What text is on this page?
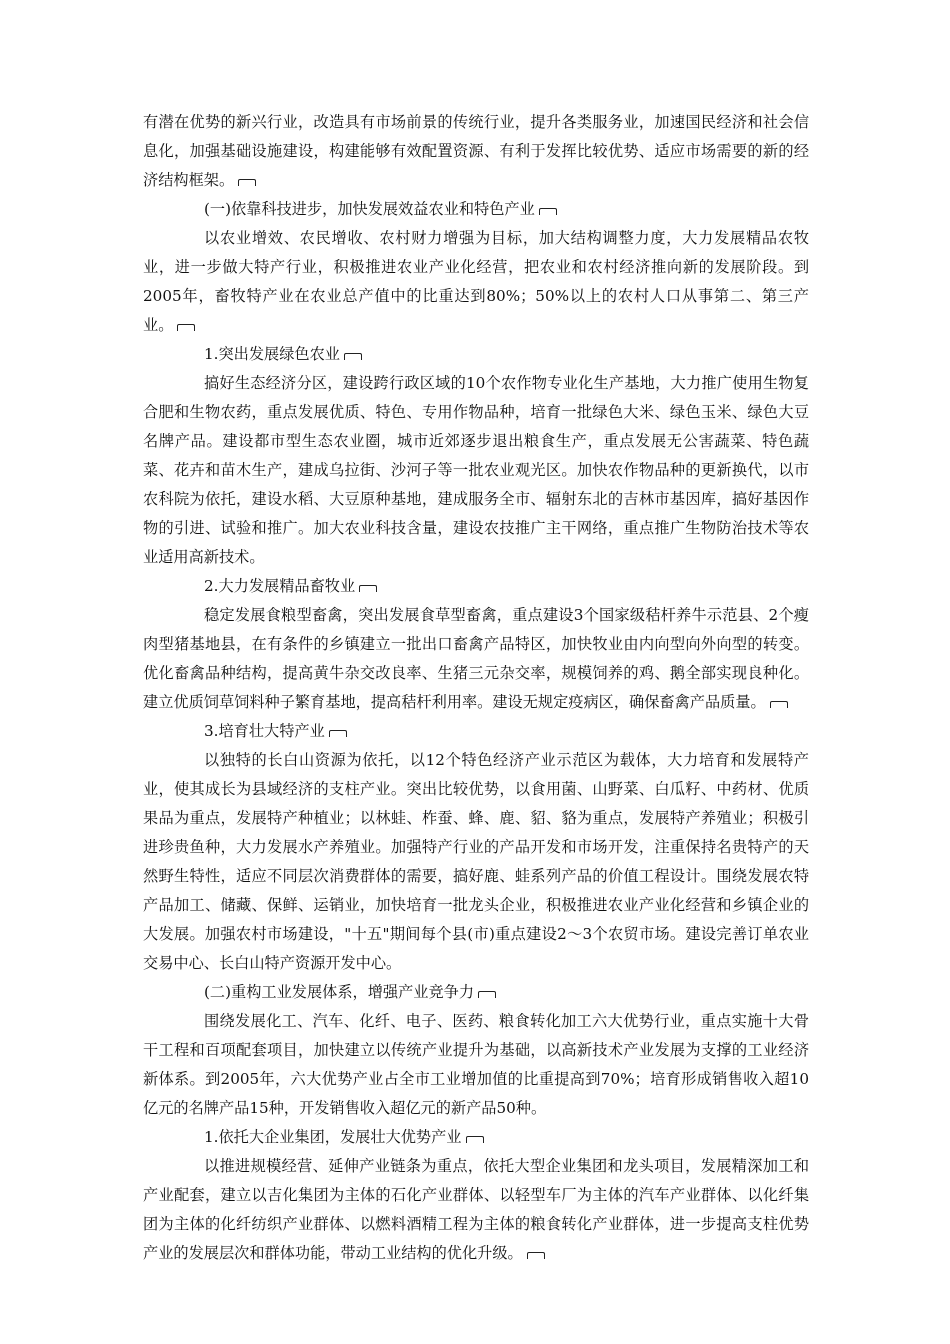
有潜在优势的新兴行业，改造具有市场前景的传统行业，提升各类服务业，加速国民经济和社会信息化，加强基础设施建设，构建能够有效配置资源、有利于发挥比较优势、适应市场需要的新的经济结构框架。

(一)依靠科技进步，加快发展效益农业和特色产业

以农业增效、农民增收、农村财力增强为目标，加大结构调整力度，大力发展精品农牧业，进一步做大特产行业，积极推进农业产业化经营，把农业和农村经济推向新的发展阶段。到2005年，畜牧特产业在农业总产值中的比重达到80%；50%以上的农村人口从事第二、第三产业。

1.突出发展绿色农业

搞好生态经济分区，建设跨行政区域的10个农作物专业化生产基地，大力推广使用生物复合肥和生物农药，重点发展优质、特色、专用作物品种，培育一批绿色大米、绿色玉米、绿色大豆名牌产品。建设都市型生态农业圈，城市近郊逐步退出粮食生产，重点发展无公害蔬菜、特色蔬菜、花卉和苗木生产，建成乌拉街、沙河子等一批农业观光区。加快农作物品种的更新换代，以市农科院为依托，建设水稻、大豆原种基地，建成服务全市、辐射东北的吉林市基因库，搞好基因作物的引进、试验和推广。加大农业科技含量，建设农技推广主干网络，重点推广生物防治技术等农业适用高新技术。

2.大力发展精品畜牧业

稳定发展食粮型畜禽，突出发展食草型畜禽，重点建设3个国家级秸杆养牛示范县、2个瘦肉型猪基地县，在有条件的乡镇建立一批出口畜禽产品特区，加快牧业由内向型向外向型的转变。优化畜禽品种结构，提高黄牛杂交改良率、生猪三元杂交率，规模饲养的鸡、鹅全部实现良种化。建立优质饲草饲料种子繁育基地，提高秸杆利用率。建设无规定疫病区，确保畜禽产品质量。

3.培育壮大特产业

以独特的长白山资源为依托，以12个特色经济产业示范区为载体，大力培育和发展特产业，使其成长为县域经济的支柱产业。突出比较优势，以食用菌、山野菜、白瓜籽、中药材、优质果品为重点，发展特产种植业；以林蛙、柞蚕、蜂、鹿、貂、貉为重点，发展特产养殖业；积极引进珍贵鱼种，大力发展水产养殖业。加强特产行业的产品开发和市场开发，注重保持名贵特产的天然野生特性，适应不同层次消费群体的需要，搞好鹿、蛙系列产品的价值工程设计。围绕发展农特产品加工、储藏、保鲜、运销业，加快培育一批龙头企业，积极推进农业产业化经营和乡镇企业的大发展。加强农村市场建设，"十五"期间每个县(市)重点建设2～3个农贸市场。建设完善订单农业交易中心、长白山特产资源开发中心。

(二)重构工业发展体系，增强产业竞争力

围绕发展化工、汽车、化纤、电子、医药、粮食转化加工六大优势行业，重点实施十大骨干工程和百项配套项目，加快建立以传统产业提升为基础，以高新技术产业发展为支撑的工业经济新体系。到2005年，六大优势产业占全市工业增加值的比重提高到70%；培育形成销售收入超10亿元的名牌产品15种，开发销售收入超亿元的新产品50种。

1.依托大企业集团，发展壮大优势产业

以推进规模经营、延伸产业链条为重点，依托大型企业集团和龙头项目，发展精深加工和产业配套，建立以吉化集团为主体的石化产业群体、以轻型车厂为主体的汽车产业群体、以化纤集团为主体的化纤纺织产业群体、以燃料酒精工程为主体的粮食转化产业群体，进一步提高支柱优势产业的发展层次和群体功能，带动工业结构的优化升级。
